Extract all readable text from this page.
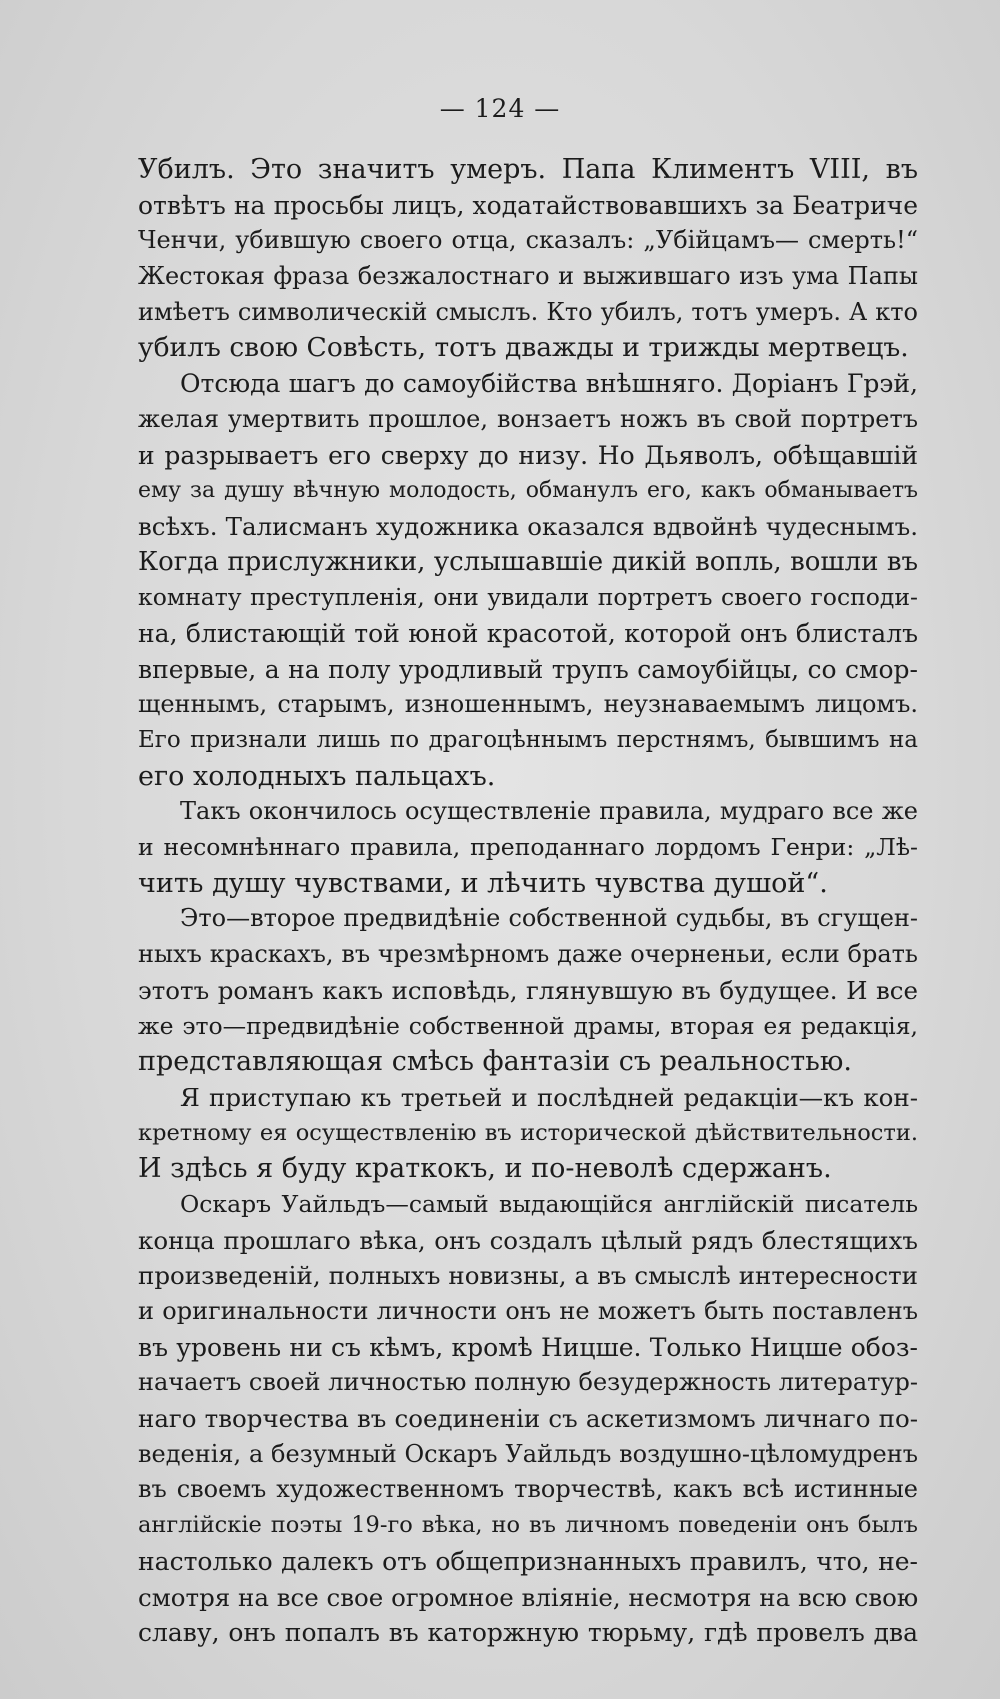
— 124 —
Убилъ. Это значитъ умеръ. Папа Климентъ VIII, въ
отвѣтъ на просьбы лицъ, ходатайствовавшихъ за Беатриче
Ченчи, убившую своего отца, сказалъ: „Убійцамъ— смерть!“
Жестокая фраза безжалостнаго и выжившаго изъ ума Папы
имѣетъ символическій смыслъ. Кто убилъ, тотъ умеръ. А кто
убилъ свою Совѣсть, тотъ дважды и трижды мертвецъ.
Отсюда шагъ до самоубійства внѣшняго. Доріанъ Грэй,
желая умертвить прошлое, вонзаетъ ножъ въ свой портретъ
и разрываетъ его сверху до низу. Но Дьяволъ, обѣщавшій
ему за душу вѣчную молодость, обманулъ его, какъ обманываетъ
всѣхъ. Талисманъ художника оказался вдвойнѣ чудеснымъ.
Когда прислужники, услышавшіе дикій вопль, вошли въ
комнату преступленія, они увидали портретъ своего господи-
на, блистающій той юной красотой, которой онъ блисталъ
впервые, а на полу уродливый трупъ самоубійцы, со смор-
щеннымъ, старымъ, изношеннымъ, неузнаваемымъ лицомъ.
Его признали лишь по драгоцѣннымъ перстнямъ, бывшимъ на
его холодныхъ пальцахъ.
Такъ окончилось осуществленіе правила, мудраго все же
и несомнѣннаго правила, преподаннаго лордомъ Генри: „Лѣ-
чить душу чувствами, и лѣчить чувства душой“.
Это—второе предвидѣніе собственной судьбы, въ сгущен-
ныхъ краскахъ, въ чрезмѣрномъ даже очерненьи, если брать
этотъ романъ какъ исповѣдь, глянувшую въ будущее. И все
же это—предвидѣніе собственной драмы, вторая ея редакція,
представляющая смѣсь фантазіи съ реальностью.
Я приступаю къ третьей и послѣдней редакціи—къ кон-
кретному ея осуществленію въ исторической дѣйствительности.
И здѣсь я буду краткокъ, и по-неволѣ сдержанъ.
Оскаръ Уайльдъ—самый выдающійся англійскій писатель
конца прошлаго вѣка, онъ создалъ цѣлый рядъ блестящихъ
произведеній, полныхъ новизны, а въ смыслѣ интересности
и оригинальности личности онъ не можетъ быть поставленъ
въ уровень ни съ кѣмъ, кромѣ Ницше. Только Ницше обоз-
начаетъ своей личностью полную безудержность литератур-
наго творчества въ соединеніи съ аскетизмомъ личнаго по-
веденія, а безумный Оскаръ Уайльдъ воздушно-цѣломудренъ
въ своемъ художественномъ творчествѣ, какъ всѣ истинные
англійскіе поэты 19-го вѣка, но въ личномъ поведеніи онъ былъ
настолько далекъ отъ общепризнанныхъ правилъ, что, не-
смотря на все свое огромное вліяніе, несмотря на всю свою
славу, онъ попалъ въ каторжную тюрьму, гдѣ провелъ два
